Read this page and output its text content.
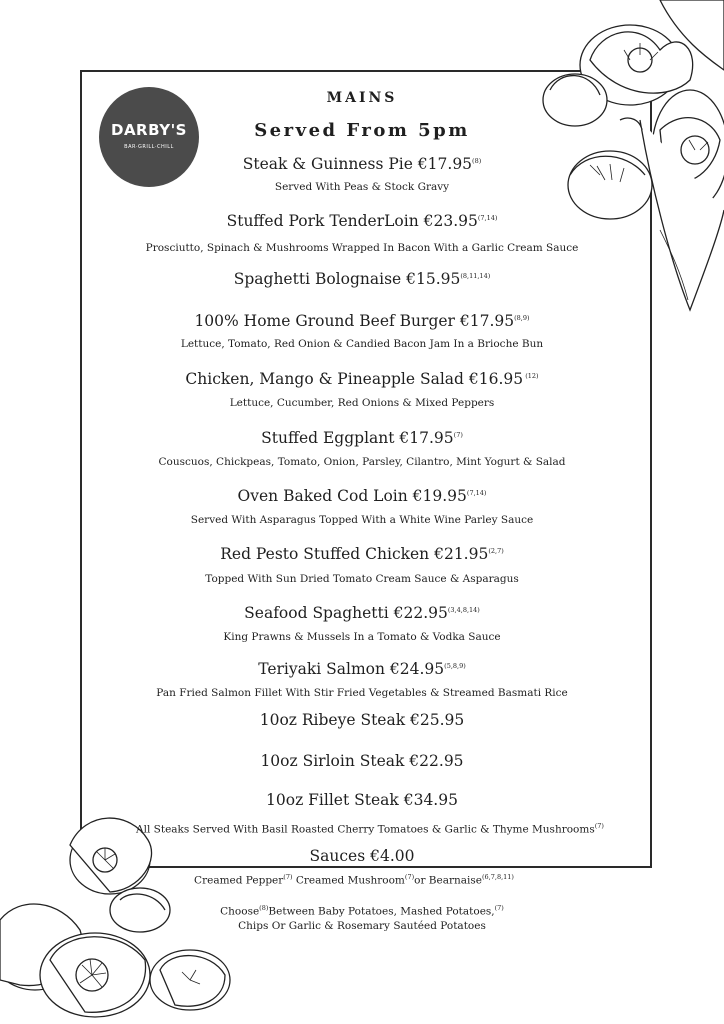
DARBY'S
BAR·GRILL·CHILL
MAINS
Served From 5pm
Steak & Guinness Pie €17.95$^{(8)}$
Served With Peas & Stock Gravy
Stuffed Pork TenderLoin €23.95$^{(7,14)}$
Prosciutto, Spinach & Mushrooms Wrapped In Bacon With a Garlic Cream Sauce
Spaghetti Bolognaise €15.95$^{(8,11,14)}$
100% Home Ground Beef Burger €17.95$^{(8,9)}$
Lettuce, Tomato, Red Onion & Candied Bacon Jam In a Brioche Bun
Chicken, Mango & Pineapple Salad €16.95 $^{(12)}$
Lettuce, Cucumber, Red Onions & Mixed Peppers
Stuffed Eggplant €17.95$^{(7)}$
Couscuos, Chickpeas, Tomato, Onion, Parsley, Cilantro, Mint Yogurt & Salad
Oven Baked Cod Loin €19.95$^{(7,14)}$
Served With Asparagus Topped With a White Wine Parley Sauce
Red Pesto Stuffed Chicken €21.95$^{(2,7)}$
Topped With Sun Dried Tomato Cream Sauce & Asparagus
Seafood Spaghetti €22.95$^{(3,4,8,14)}$
King Prawns & Mussels In a Tomato & Vodka Sauce
Teriyaki Salmon €24.95$^{(5,8,9)}$
Pan Fried Salmon Fillet With Stir Fried Vegetables & Streamed Basmati Rice
10oz Ribeye Steak €25.95
10oz Sirloin Steak €22.95
10oz Fillet Steak €34.95
All Steaks Served With Basil Roasted Cherry Tomatoes & Garlic & Thyme Mushrooms$^{(7)}$
Sauces €4.00
Creamed Pepper$^{(7)}$ Creamed Mushroom$^{(7)}$or Bearnaise$^{(6,7,8,11)}$
Choose$^{(8)}$Between Baby Potatoes, Mashed Potatoes,$^{(7)}$
Chips Or Garlic & Rosemary Sautéed Potatoes
